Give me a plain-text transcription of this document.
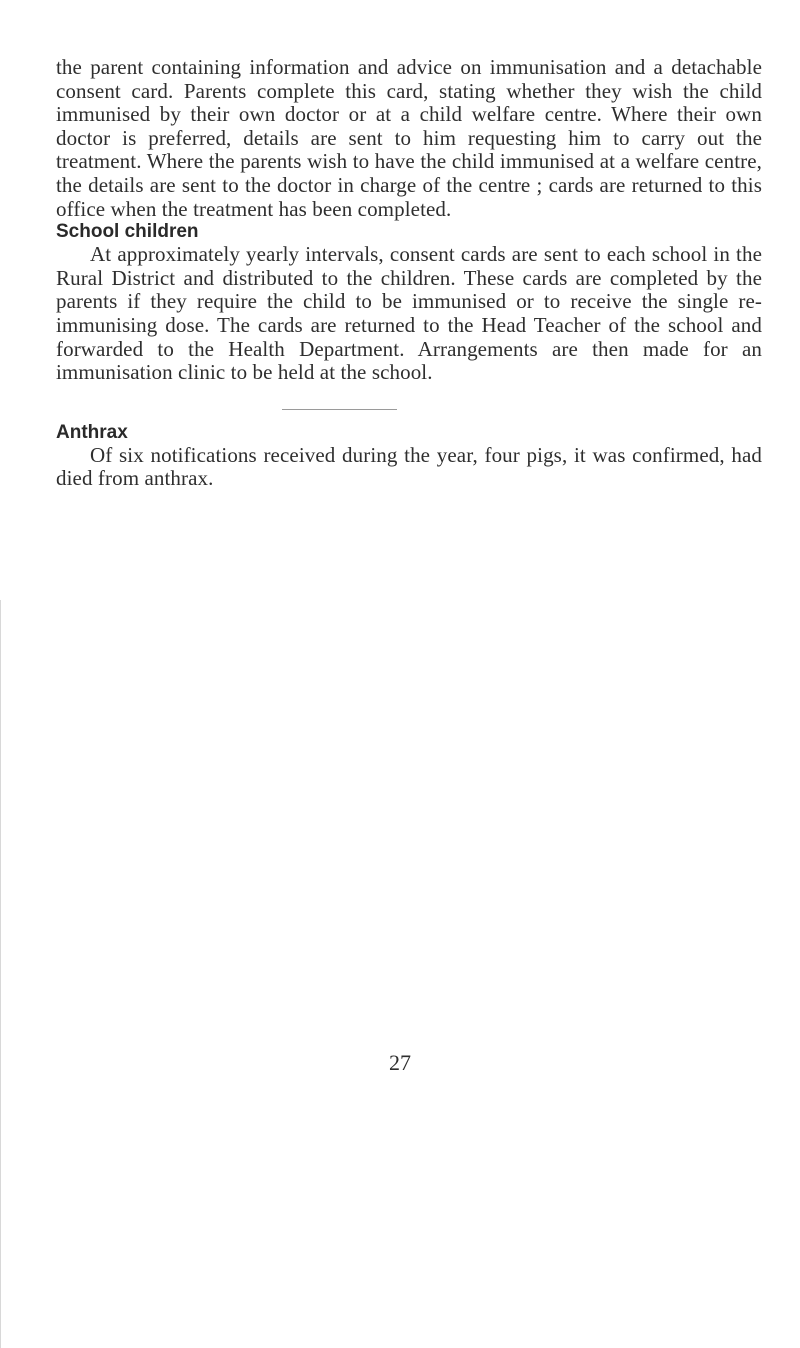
the parent containing information and advice on immunisation and a detachable consent card. Parents complete this card, stating whether they wish the child immunised by their own doctor or at a child welfare centre. Where their own doctor is preferred, details are sent to him requesting him to carry out the treatment. Where the parents wish to have the child immunised at a welfare centre, the details are sent to the doctor in charge of the centre ; cards are returned to this office when the treatment has been completed.

School children

At approximately yearly intervals, consent cards are sent to each school in the Rural District and distributed to the children. These cards are completed by the parents if they require the child to be immunised or to receive the single re-immunising dose. The cards are returned to the Head Teacher of the school and forwarded to the Health Department. Arrangements are then made for an immunisation clinic to be held at the school.

Anthrax

Of six notifications received during the year, four pigs, it was confirmed, had died from anthrax.

27
